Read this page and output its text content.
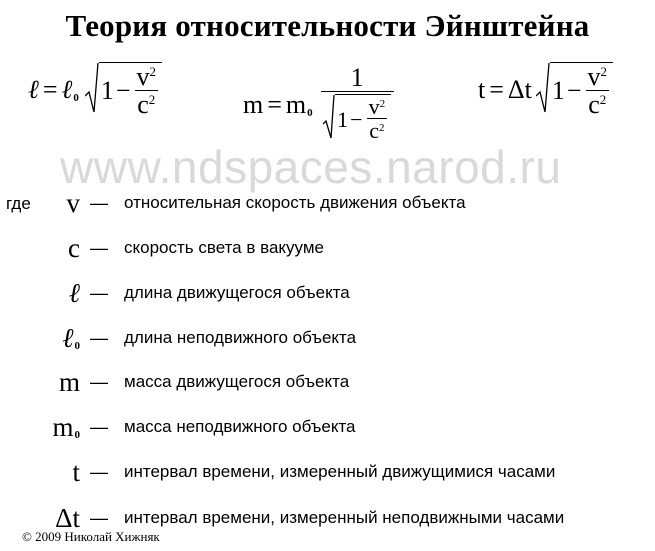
Теория относительности Эйнштейна
ℓ = ℓ 0 $1 - \frac{v^2}{c^2}$	m = m $0 \frac{1}{1 - \frac{v^2}{c^2}}$	t = Δt $1 - \frac{v^2}{c^2}$
www.ndspaces.narod.ru
где v — относительная скорость движения объекта
c — скорость света в вакууме
ℓ — длина движущегося объекта
ℓ 0 — длина неподвижного объекта
m — масса движущегося объекта
m 0 — масса неподвижного объекта
t — интервал времени, измеренный движущимися часами
Δt — интервал времени, измеренный неподвижными часами
© 2009 Николай Хижняк
